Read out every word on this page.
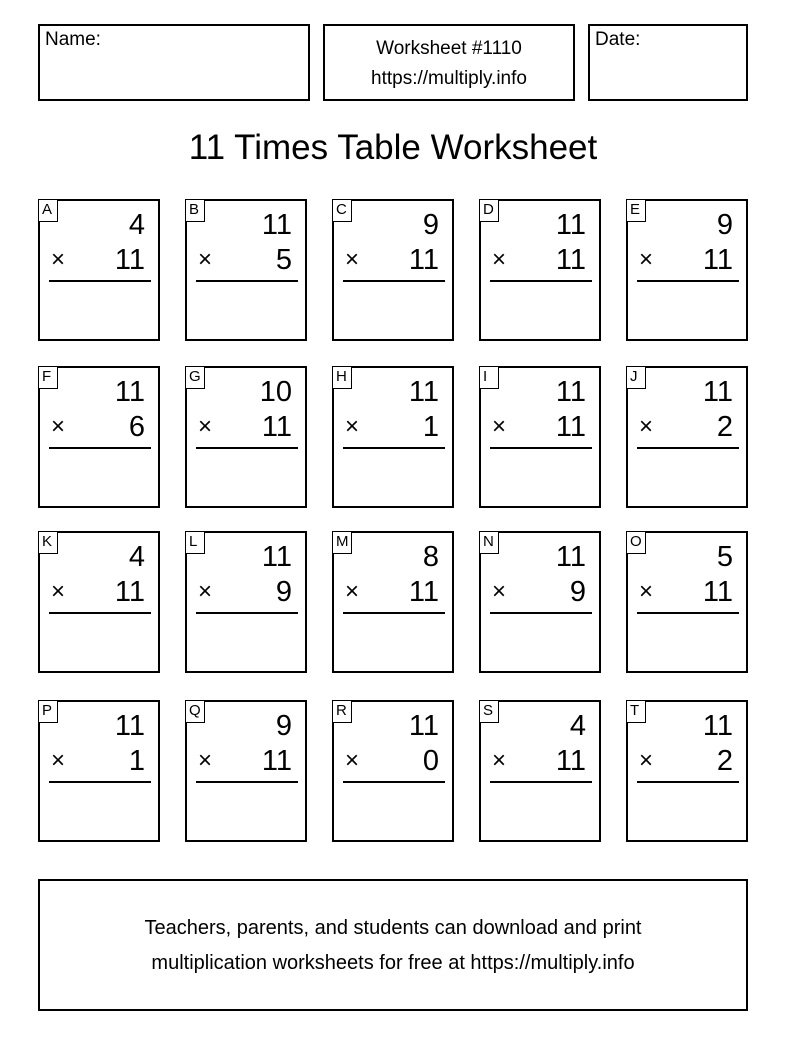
Name:	Worksheet #1110
https://multiply.info
Date:
11 Times Table Worksheet
A	4
× 11
B 11
× 5
C	9
× 11
D 11
× 11
E	9
× 11
F 11
× 6
G 10
× 11
H 11
× 1
I	11
× 11
J 11
× 2
K	4
× 11
L 11
× 9
M	8
× 11
N 11
× 9
O	5
× 11
P 11
× 1
Q	9
× 11
R 11
× 0
S	4
× 11
T 11
× 2
Teachers, parents, and students can download and print
multiplication worksheets for free at https://multiply.info
